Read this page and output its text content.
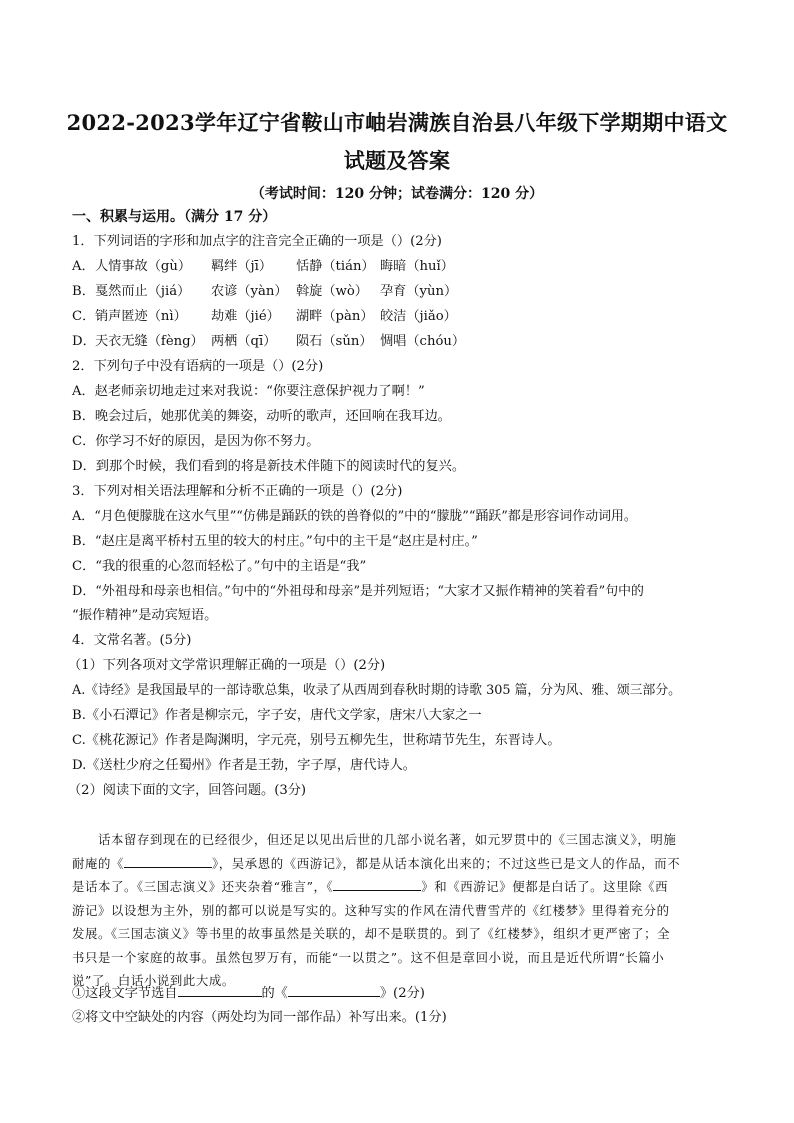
2022-2023学年辽宁省鞍山市岫岩满族自治县八年级下学期期中语文
试题及答案
（考试时间：120 分钟；试卷满分：120 分）
一、积累与运用。（满分 17 分）
1．下列词语的字形和加点字的注音完全正确的一项是（）(2分)
A． 人情事故（gù） 羁绊（jī） 恬静（tián） 晦暗（huǐ）
B． 戛然而止（jiá） 农谚（yàn） 斡旋（wò） 孕育（yùn）
C． 销声匿迹（nì） 劫难（jié） 湖畔（pàn） 皎洁（jiǎo）
D． 天衣无缝（fèng） 两栖（qī） 陨石（sǔn） 惆唱（chóu）
2．下列句子中没有语病的一项是（）(2分)
A．赵老师亲切地走过来对我说：“你要注意保护视力了啊！”
B．晚会过后，她那优美的舞姿，动听的歌声，还回响在我耳边。
C．你学习不好的原因，是因为你不努力。
D．到那个时候，我们看到的将是新技术伴随下的阅读时代的复兴。
3．下列对相关语法理解和分析不正确的一项是（）(2分)
A．“月色便朦胧在这水气里”“仿佛是踊跃的铁的兽脊似的”中的“朦胧”“踊跃”都是形容词作动词用。
B．“赵庄是离平桥村五里的较大的村庄。”句中的主干是“赵庄是村庄。”
C．“我的很重的心忽而轻松了。”句中的主语是“我”
D．“外祖母和母亲也相信。”句中的“外祖母和母亲”是并列短语；“大家才又振作精神的笑着看”句中的
“振作精神”是动宾短语。
4．文常名著。(5分)
（1）下列各项对文学常识理解正确的一项是（）(2分)
A.《诗经》是我国最早的一部诗歌总集，收录了从西周到春秋时期的诗歌 305 篇，分为风、雅、颂三部分。
B.《小石潭记》作者是柳宗元，字子安，唐代文学家，唐宋八大家之一
C.《桃花源记》作者是陶渊明，字元亮，别号五柳先生，世称靖节先生，东晋诗人。
D.《送杜少府之任蜀州》作者是王勃，字子厚，唐代诗人。
（2）阅读下面的文字，回答问题。(3分)
话本留存到现在的已经很少，但还足以见出后世的几部小说名著，如元罗贯中的《三国志演义》，明施
耐庵的《	》，吴承恩的《西游记》，都是从话本演化出来的；不过这些已是文人的作品，而不
是话本了。《三国志演义》还夹杂着“雅言”，《	》和《西游记》便都是白话了。这里除《西
游记》以设想为主外，别的都可以说是写实的。这种写实的作风在清代曹雪芹的《红楼梦》里得着充分的
发展。《三国志演义》等书里的故事虽然是关联的，却不是联贯的。到了《红楼梦》，组织才更严密了；全
书只是一个家庭的故事。虽然包罗万有，而能“一以贯之”。这不但是章回小说，而且是近代所谓“长篇小
说”了。白话小说到此大成。
①这段文字节选自	的《	》(2分)
②将文中空缺处的内容（两处均为同一部作品）补写出来。(1分)
